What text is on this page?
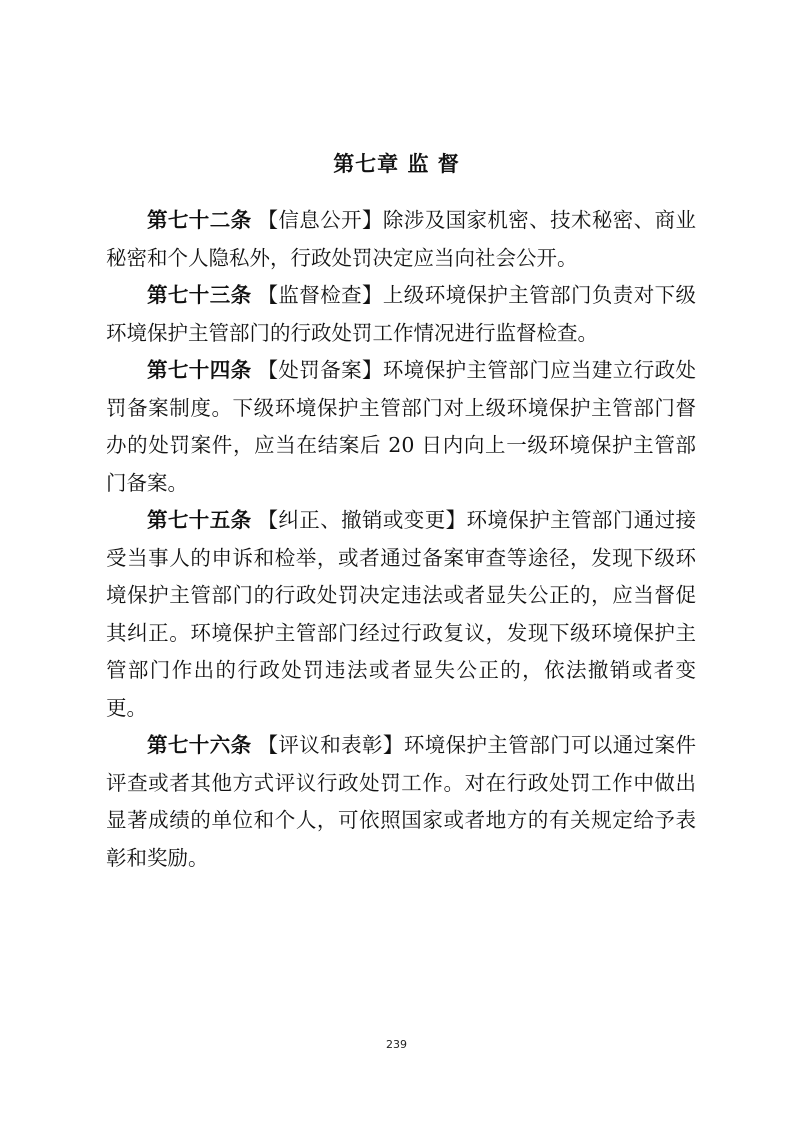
第七章 监 督

第七十二条 【信息公开】除涉及国家机密、技术秘密、商业秘密和个人隐私外，行政处罚决定应当向社会公开。

第七十三条 【监督检查】上级环境保护主管部门负责对下级环境保护主管部门的行政处罚工作情况进行监督检查。

第七十四条 【处罚备案】环境保护主管部门应当建立行政处罚备案制度。下级环境保护主管部门对上级环境保护主管部门督办的处罚案件，应当在结案后 20 日内向上一级环境保护主管部门备案。

第七十五条 【纠正、撤销或变更】环境保护主管部门通过接受当事人的申诉和检举，或者通过备案审查等途径，发现下级环境保护主管部门的行政处罚决定违法或者显失公正的，应当督促其纠正。环境保护主管部门经过行政复议，发现下级环境保护主管部门作出的行政处罚违法或者显失公正的，依法撤销或者变更。

第七十六条 【评议和表彰】环境保护主管部门可以通过案件评查或者其他方式评议行政处罚工作。对在行政处罚工作中做出显著成绩的单位和个人，可依照国家或者地方的有关规定给予表彰和奖励。

239
